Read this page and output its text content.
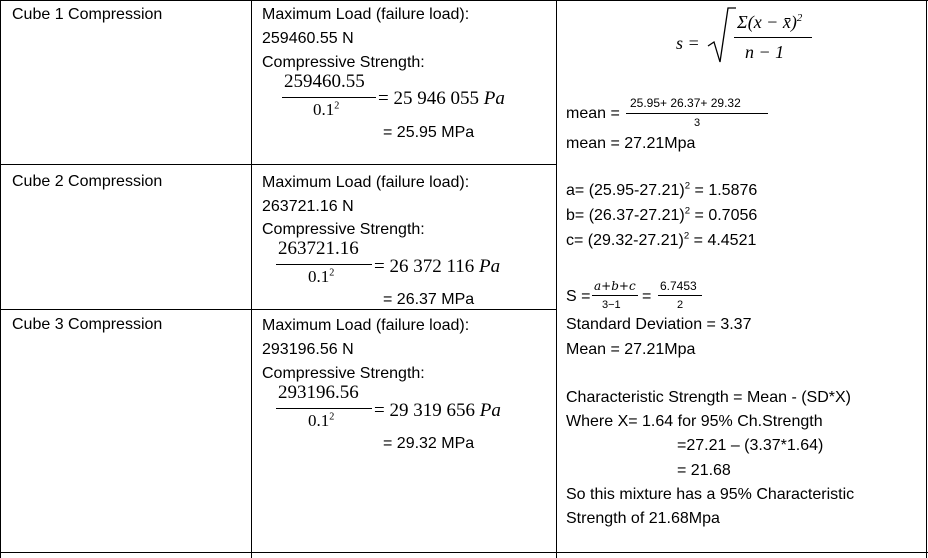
Cube 1 Compression	Maximum Load (failure load):
259460.55 N
Compressive Strength:
259460.55
$0.1^2 = 25$ 946 055 Pa
= 25.95 MPa
Cube 2 Compression	Maximum Load (failure load):
263721.16 N
Compressive Strength:
263721.16
$0.1^2 = 26$ 372 116 Pa
= 26.37 MPa
Cube 3 Compression	Maximum Load (failure load):
293196.56 N
Compressive Strength:
293196.56
$0.1^2 = 29$ 319 656 Pa
= 29.32 MPa
s =
Σ(x − x̄)$^2$
n − 1
mean =
25.95+ 26.37+ 29.32
3
mean = 27.21Mpa
$a= (25.95-27.21)^2 = 1.5876$
$b= (26.37-27.21)^2 = 0.7056$
$c= (29.32-27.21)^2 = 4.4521$
S =
a+b+c
3−1 =
6.7453
2
Standard Deviation = 3.37
Mean = 27.21Mpa
Characteristic Strength = Mean - (SD*X)
Where X= 1.64 for 95% Ch.Strength
=27.21 – (3.37*1.64)
= 21.68
So this mixture has a 95% Characteristic
Strength of 21.68Mpa
